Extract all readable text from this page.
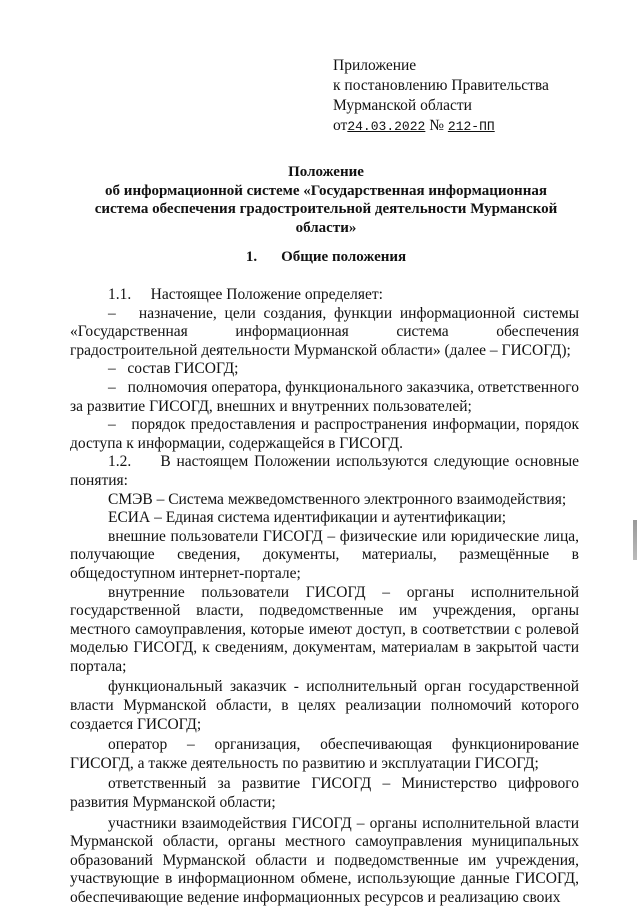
Приложение
к постановлению Правительства
Мурманской области
от24.03.2022 № 212-ПП
Положение
об информационной системе «Государственная информационная
система обеспечения градостроительной деятельности Мурманской
области»
1. Общие положения

1.1.     Настоящее Положение определяет:

–   назначение, цели создания, функции информационной системы «Государственная информационная система обеспечения градостроительной деятельности Мурманской области» (далее – ГИСОГД);

–   состав ГИСОГД;

–   полномочия оператора, функционального заказчика, ответственного за развитие ГИСОГД, внешних и внутренних пользователей;

–   порядок предоставления и распространения информации, порядок доступа к информации, содержащейся в ГИСОГД.

1.2.     В настоящем Положении используются следующие основные понятия:

СМЭВ – Система межведомственного электронного взаимодействия;

ЕСИА – Единая система идентификации и аутентификации;

внешние пользователи ГИСОГД – физические или юридические лица, получающие сведения, документы, материалы, размещённые в общедоступном интернет-портале;

внутренние пользователи ГИСОГД – органы исполнительной государственной власти, подведомственные им учреждения, органы местного самоуправления, которые имеют доступ, в соответствии с ролевой моделью ГИСОГД, к сведениям, документам, материалам в закрытой части портала;

функциональный заказчик - исполнительный орган государственной власти Мурманской области, в целях реализации полномочий которого создается ГИСОГД;

оператор – организация, обеспечивающая функционирование ГИСОГД, а также деятельность по развитию и эксплуатации ГИСОГД;

ответственный за развитие ГИСОГД – Министерство цифрового развития Мурманской области;

участники взаимодействия ГИСОГД – органы исполнительной власти Мурманской области, органы местного самоуправления муниципальных образований Мурманской области и подведомственные им учреждения, участвующие в информационном обмене, использующие данные ГИСОГД, обеспечивающие ведение информационных ресурсов и реализацию своих
